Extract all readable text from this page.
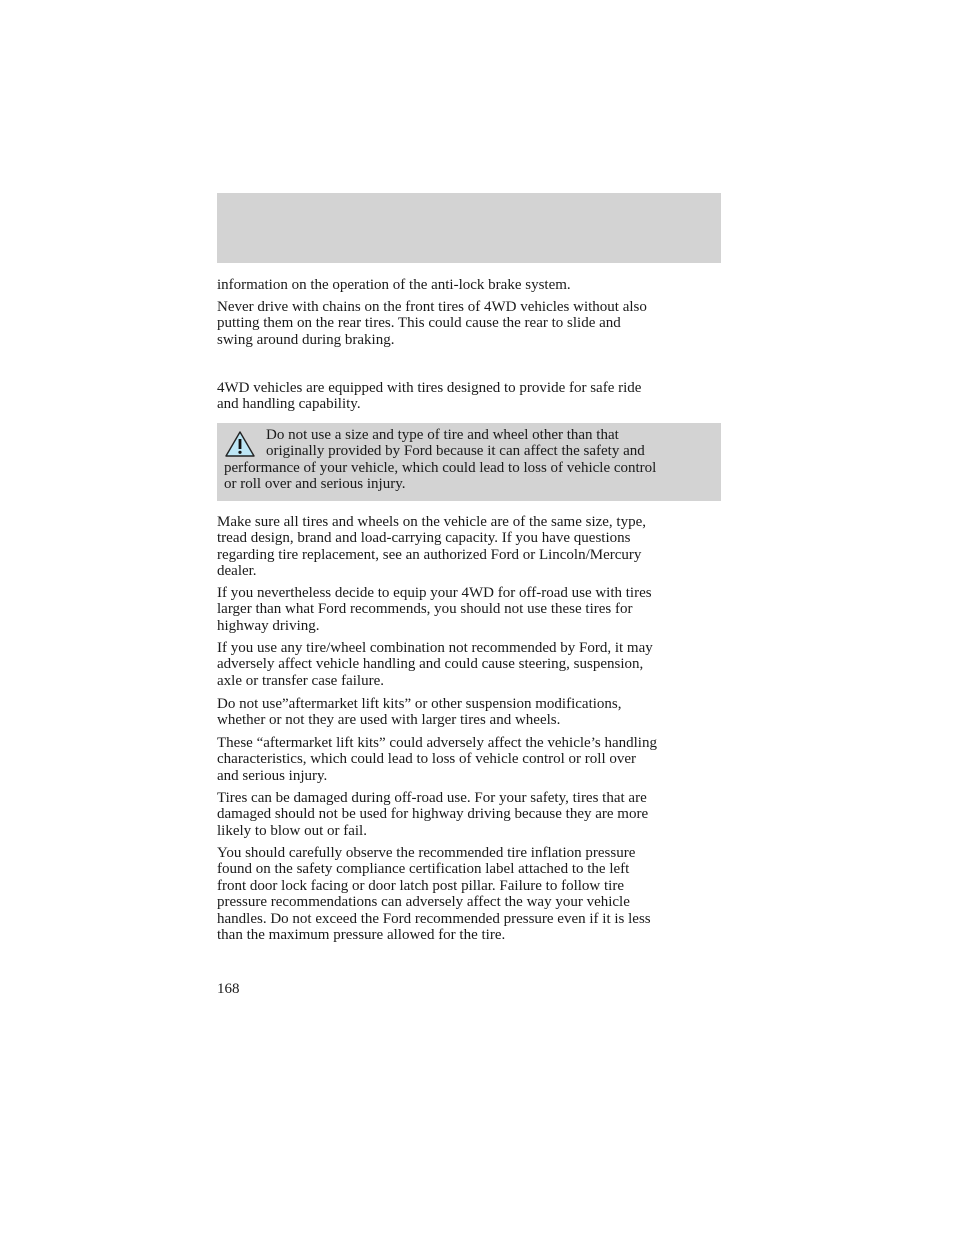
information on the operation of the anti-lock brake system.
Never drive with chains on the front tires of 4WD vehicles without also
putting them on the rear tires. This could cause the rear to slide and
swing around during braking.
4WD vehicles are equipped with tires designed to provide for safe ride
and handling capability.
Do not use a size and type of tire and wheel other than that
originally provided by Ford because it can affect the safety and
performance of your vehicle, which could lead to loss of vehicle control
or roll over and serious injury.
Make sure all tires and wheels on the vehicle are of the same size, type,
tread design, brand and load-carrying capacity. If you have questions
regarding tire replacement, see an authorized Ford or Lincoln/Mercury
dealer.
If you nevertheless decide to equip your 4WD for off-road use with tires
larger than what Ford recommends, you should not use these tires for
highway driving.
If you use any tire/wheel combination not recommended by Ford, it may
adversely affect vehicle handling and could cause steering, suspension,
axle or transfer case failure.
Do not use”aftermarket lift kits” or other suspension modifications,
whether or not they are used with larger tires and wheels.
These “aftermarket lift kits” could adversely affect the vehicle’s handling
characteristics, which could lead to loss of vehicle control or roll over
and serious injury.
Tires can be damaged during off-road use. For your safety, tires that are
damaged should not be used for highway driving because they are more
likely to blow out or fail.
You should carefully observe the recommended tire inflation pressure
found on the safety compliance certification label attached to the left
front door lock facing or door latch post pillar. Failure to follow tire
pressure recommendations can adversely affect the way your vehicle
handles. Do not exceed the Ford recommended pressure even if it is less
than the maximum pressure allowed for the tire.
168
